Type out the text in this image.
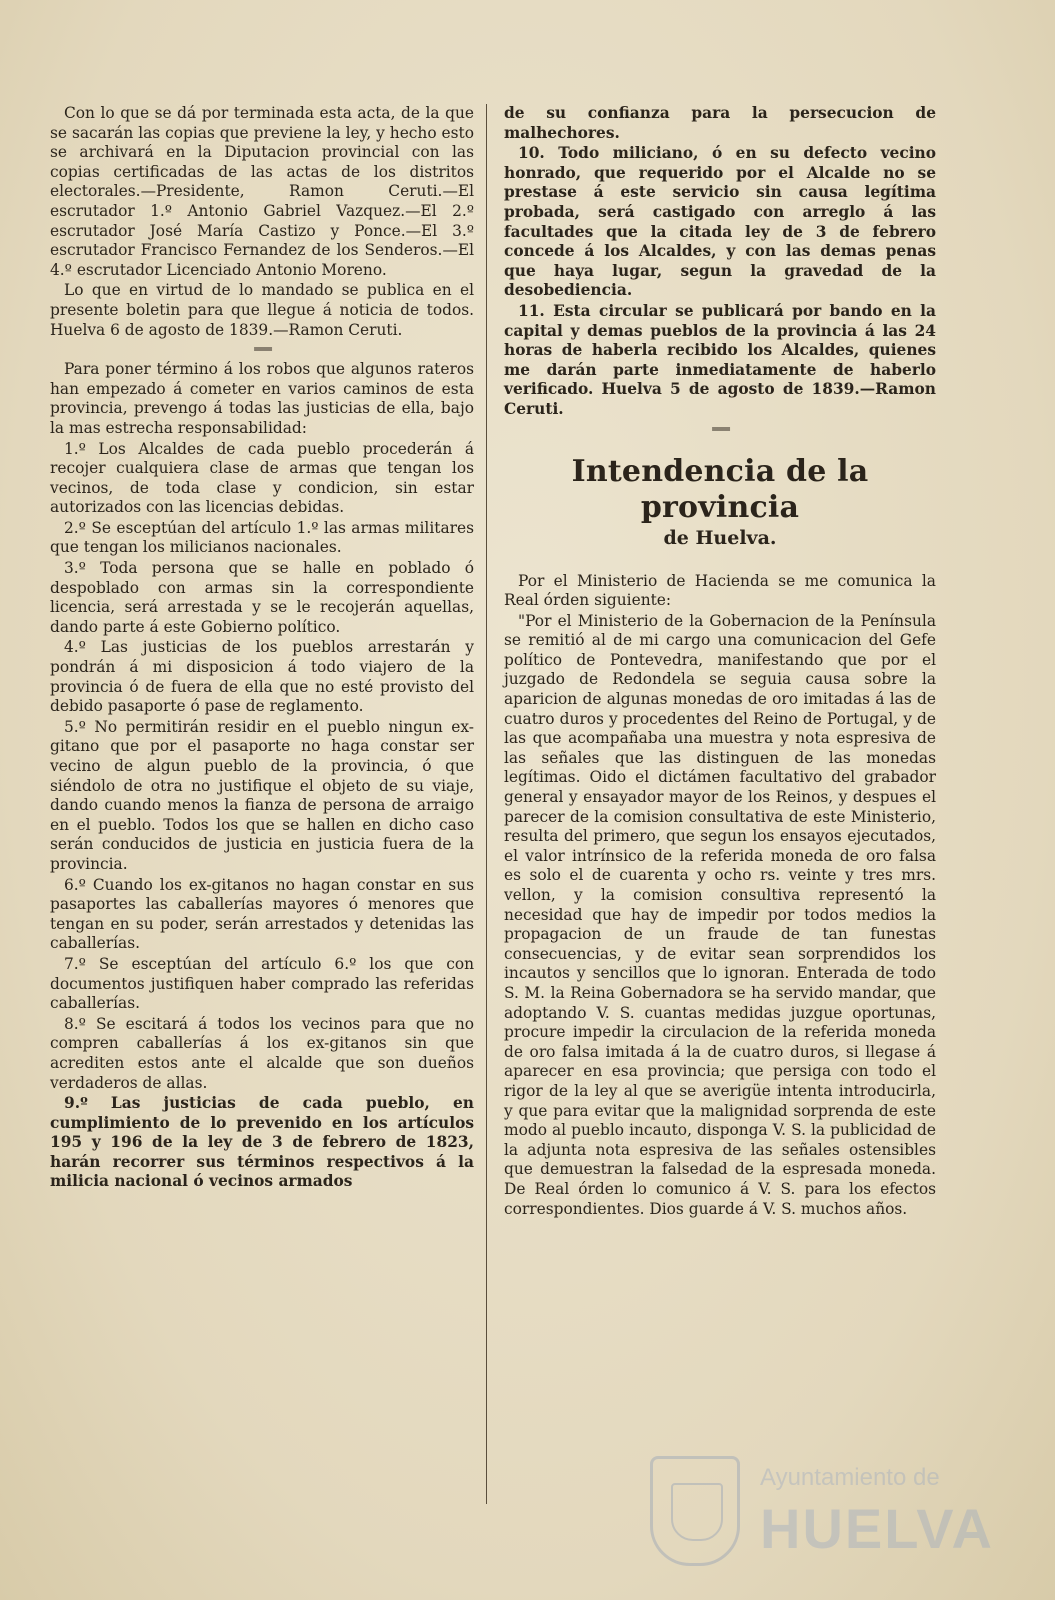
Con lo que se dá por terminada esta acta, de la que se sacarán las copias que previene la ley, y hecho esto se archivará en la Diputacion provincial con las copias certificadas de las actas de los distritos electorales.—Presidente, Ramon Ceruti.—El escrutador 1.º Antonio Gabriel Vazquez.—El 2.º escrutador José María Castizo y Ponce.—El 3.º escrutador Francisco Fernandez de los Senderos.—El 4.º escrutador Licenciado Antonio Moreno.

Lo que en virtud de lo mandado se publica en el presente boletin para que llegue á noticia de todos. Huelva 6 de agosto de 1839.—Ramon Ceruti.

═══

Para poner término á los robos que algunos rateros han empezado á cometer en varios caminos de esta provincia, prevengo á todas las justicias de ella, bajo la mas estrecha responsabilidad:

1.º Los Alcaldes de cada pueblo procederán á recojer cualquiera clase de armas que tengan los vecinos, de toda clase y condicion, sin estar autorizados con las licencias debidas.

2.º Se esceptúan del artículo 1.º las armas militares que tengan los milicianos nacionales.

3.º Toda persona que se halle en poblado ó despoblado con armas sin la correspondiente licencia, será arrestada y se le recojerán aquellas, dando parte á este Gobierno político.

4.º Las justicias de los pueblos arrestarán y pondrán á mi disposicion á todo viajero de la provincia ó de fuera de ella que no esté provisto del debido pasaporte ó pase de reglamento.

5.º No permitirán residir en el pueblo ningun ex-gitano que por el pasaporte no haga constar ser vecino de algun pueblo de la provincia, ó que siéndolo de otra no justifique el objeto de su viaje, dando cuando menos la fianza de persona de arraigo en el pueblo. Todos los que se hallen en dicho caso serán conducidos de justicia en justicia fuera de la provincia.

6.º Cuando los ex-gitanos no hagan constar en sus pasaportes las caballerías mayores ó menores que tengan en su poder, serán arrestados y detenidas las caballerías.

7.º Se esceptúan del artículo 6.º los que con documentos justifiquen haber comprado las referidas caballerías.

8.º Se escitará á todos los vecinos para que no compren caballerías á los ex-gitanos sin que acrediten estos ante el alcalde que son dueños verdaderos de allas.

9.º Las justicias de cada pueblo, en cumplimiento de lo prevenido en los artículos 195 y 196 de la ley de 3 de febrero de 1823, harán recorrer sus términos respectivos á la milicia nacional ó vecinos armados

de su confianza para la persecucion de malhechores.

10. Todo miliciano, ó en su defecto vecino honrado, que requerido por el Alcalde no se prestase á este servicio sin causa legítima probada, será castigado con arreglo á las facultades que la citada ley de 3 de febrero concede á los Alcaldes, y con las demas penas que haya lugar, segun la gravedad de la desobediencia.

11. Esta circular se publicará por bando en la capital y demas pueblos de la provincia á las 24 horas de haberla recibido los Alcaldes, quienes me darán parte inmediatamente de haberlo verificado. Huelva 5 de agosto de 1839.—Ramon Ceruti.

═══
Intendencia de la provincia
de Huelva.

Por el Ministerio de Hacienda se me comunica la Real órden siguiente:

"Por el Ministerio de la Gobernacion de la Península se remitió al de mi cargo una comunicacion del Gefe político de Pontevedra, manifestando que por el juzgado de Redondela se seguia causa sobre la aparicion de algunas monedas de oro imitadas á las de cuatro duros y procedentes del Reino de Portugal, y de las que acompañaba una muestra y nota espresiva de las señales que las distinguen de las monedas legítimas. Oido el dictámen facultativo del grabador general y ensayador mayor de los Reinos, y despues el parecer de la comision consultativa de este Ministerio, resulta del primero, que segun los ensayos ejecutados, el valor intrínsico de la referida moneda de oro falsa es solo el de cuarenta y ocho rs. veinte y tres mrs. vellon, y la comision consultiva representó la necesidad que hay de impedir por todos medios la propagacion de un fraude de tan funestas consecuencias, y de evitar sean sorprendidos los incautos y sencillos que lo ignoran. Enterada de todo S. M. la Reina Gobernadora se ha servido mandar, que adoptando V. S. cuantas medidas juzgue oportunas, procure impedir la circulacion de la referida moneda de oro falsa imitada á la de cuatro duros, si llegase á aparecer en esa provincia; que persiga con todo el rigor de la ley al que se averigüe intenta introducirla, y que para evitar que la malignidad sorprenda de este modo al pueblo incauto, disponga V. S. la publicidad de la adjunta nota espresiva de las señales ostensibles que demuestran la falsedad de la espresada moneda. De Real órden lo comunico á V. S. para los efectos correspondientes. Dios guarde á V. S. muchos años.

Ayuntamiento de
HUELVA
